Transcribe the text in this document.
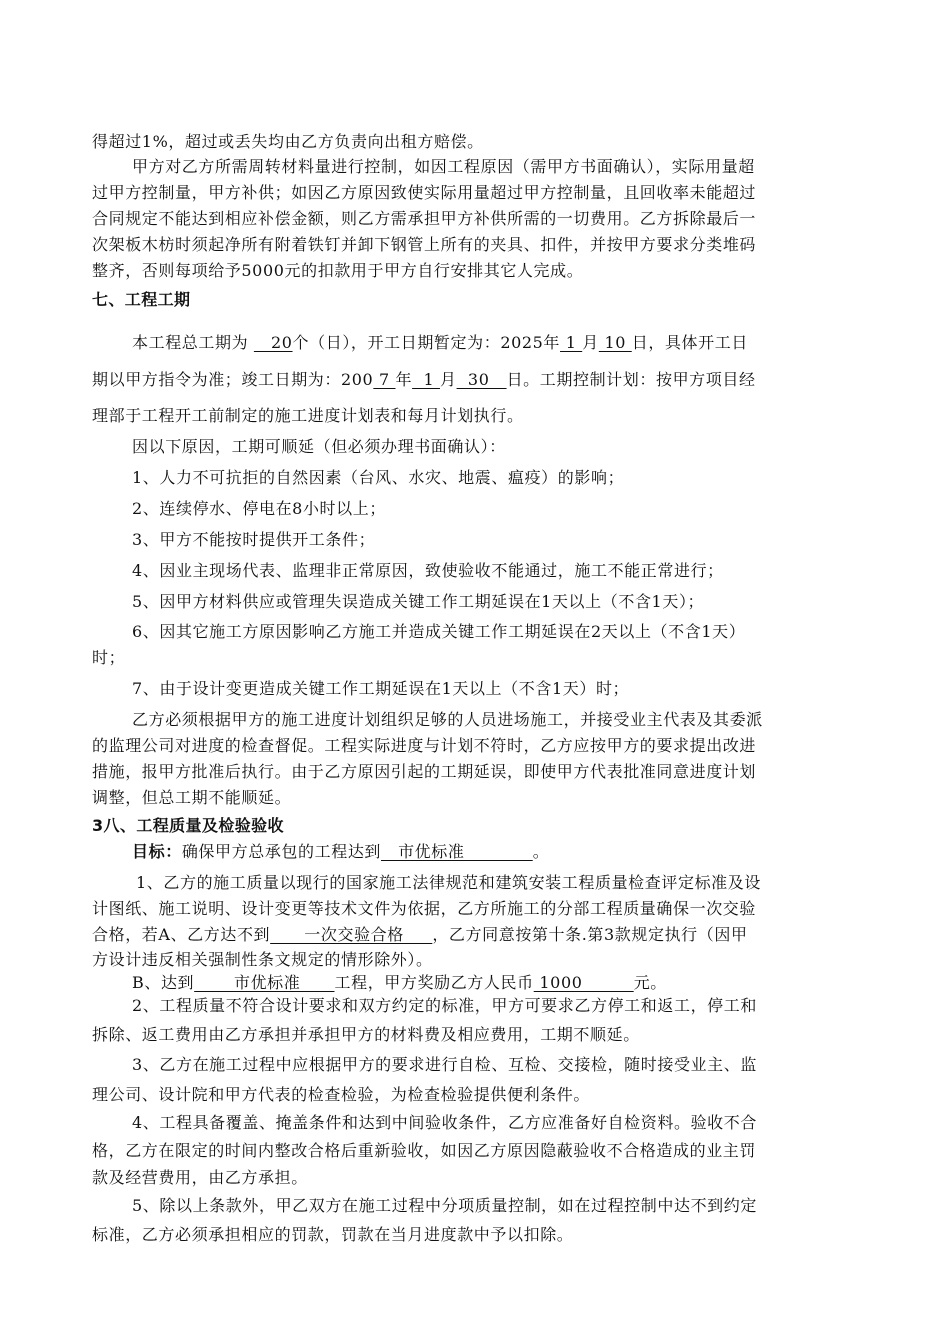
得超过1%，超过或丢失均由乙方负责向出租方赔偿。
甲方对乙方所需周转材料量进行控制，如因工程原因（需甲方书面确认），实际用量超
过甲方控制量，甲方补供；如因乙方原因致使实际用量超过甲方控制量，且回收率未能超过
合同规定不能达到相应补偿金额，则乙方需承担甲方补供所需的一切费用。乙方拆除最后一
次架板木枋时须起净所有附着铁钉并卸下钢管上所有的夹具、扣件，并按甲方要求分类堆码
整齐，否则每项给予5000元的扣款用于甲方自行安排其它人完成。
七、工程工期
本工程总工期为    20个（日），开工日期暂定为：2025年 1 月 10 日，具体开工日
期以甲方指令为准；竣工日期为：200 7 年  1 月  30   日。工期控制计划：按甲方项目经
理部于工程开工前制定的施工进度计划表和每月计划执行。
因以下原因，工期可顺延（但必须办理书面确认）：
1、人力不可抗拒的自然因素（台风、水灾、地震、瘟疫）的影响；
2、连续停水、停电在8小时以上；
3、甲方不能按时提供开工条件；
4、因业主现场代表、监理非正常原因，致使验收不能通过，施工不能正常进行；
5、因甲方材料供应或管理失误造成关键工作工期延误在1天以上（不含1天）；
6、因其它施工方原因影响乙方施工并造成关键工作工期延误在2天以上（不含1天）
时；
7、由于设计变更造成关键工作工期延误在1天以上（不含1天）时；
乙方必须根据甲方的施工进度计划组织足够的人员进场施工，并接受业主代表及其委派
的监理公司对进度的检查督促。工程实际进度与计划不符时，乙方应按甲方的要求提出改进
措施，报甲方批准后执行。由于乙方原因引起的工期延误，即使甲方代表批准同意进度计划
调整，但总工期不能顺延。
3八、工程质量及检验验收
目标：确保甲方总承包的工程达到   市优标准            。
1、乙方的施工质量以现行的国家施工法律规范和建筑安装工程质量检查评定标准及设
计图纸、施工说明、设计变更等技术文件为依据，乙方所施工的分部工程质量确保一次交验
合格，若A、乙方达不到      一次交验合格     ，乙方同意按第十条.第3款规定执行（因甲
方设计违反相关强制性条文规定的情形除外）。
B、达到       市优标准      工程，甲方奖励乙方人民币 1000         元。
2、工程质量不符合设计要求和双方约定的标准，甲方可要求乙方停工和返工，停工和
拆除、返工费用由乙方承担并承担甲方的材料费及相应费用，工期不顺延。
3、乙方在施工过程中应根据甲方的要求进行自检、互检、交接检，随时接受业主、监
理公司、设计院和甲方代表的检查检验，为检查检验提供便利条件。
4、工程具备覆盖、掩盖条件和达到中间验收条件，乙方应准备好自检资料。验收不合
格，乙方在限定的时间内整改合格后重新验收，如因乙方原因隐蔽验收不合格造成的业主罚
款及经营费用，由乙方承担。
5、除以上条款外，甲乙双方在施工过程中分项质量控制，如在过程控制中达不到约定
标准，乙方必须承担相应的罚款，罚款在当月进度款中予以扣除。
